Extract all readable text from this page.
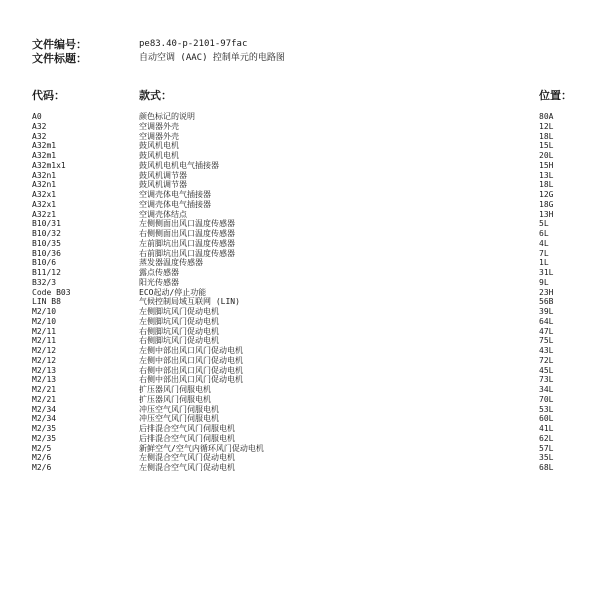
文件编号：	pe83.40-p-2101-97fac
文件标题：	自动空调 (AAC) 控制单元的电路图
代码：	款式：	位置：
A0	颜色标记的说明	80A
A32	空调器外壳	12L
A32	空调器外壳	18L
A32m1	鼓风机电机	15L
A32m1	鼓风机电机	20L
A32m1x1	鼓风机电机电气插接器	15H
A32n1	鼓风机调节器	13L
A32n1	鼓风机调节器	18L
A32x1	空调壳体电气插接器	12G
A32x1	空调壳体电气插接器	18G
A32z1	空调壳体结点	13H
B10/31	左侧侧面出风口温度传感器	5L
B10/32	右侧侧面出风口温度传感器	6L
B10/35	左前脚坑出风口温度传感器	4L
B10/36	右前脚坑出风口温度传感器	7L
B10/6	蒸发器温度传感器	1L
B11/12	露点传感器	31L
B32/3	阳光传感器	9L
Code B03	ECO起动/停止功能	23H
LIN B8	气候控制局域互联网 (LIN)	56B
M2/10	左侧脚坑风门促动电机	39L
M2/10	左侧脚坑风门促动电机	64L
M2/11	右侧脚坑风门促动电机	47L
M2/11	右侧脚坑风门促动电机	75L
M2/12	左侧中部出风口风门促动电机	43L
M2/12	左侧中部出风口风门促动电机	72L
M2/13	右侧中部出风口风门促动电机	45L
M2/13	右侧中部出风口风门促动电机	73L
M2/21	扩压器风门伺服电机	34L
M2/21	扩压器风门伺服电机	70L
M2/34	冲压空气风门伺服电机	53L
M2/34	冲压空气风门伺服电机	60L
M2/35	后排混合空气风门伺服电机	41L
M2/35	后排混合空气风门伺服电机	62L
M2/5	新鲜空气/空气内循环风门促动电机	57L
M2/6	左侧混合空气风门促动电机	35L
M2/6	左侧混合空气风门促动电机	68L
